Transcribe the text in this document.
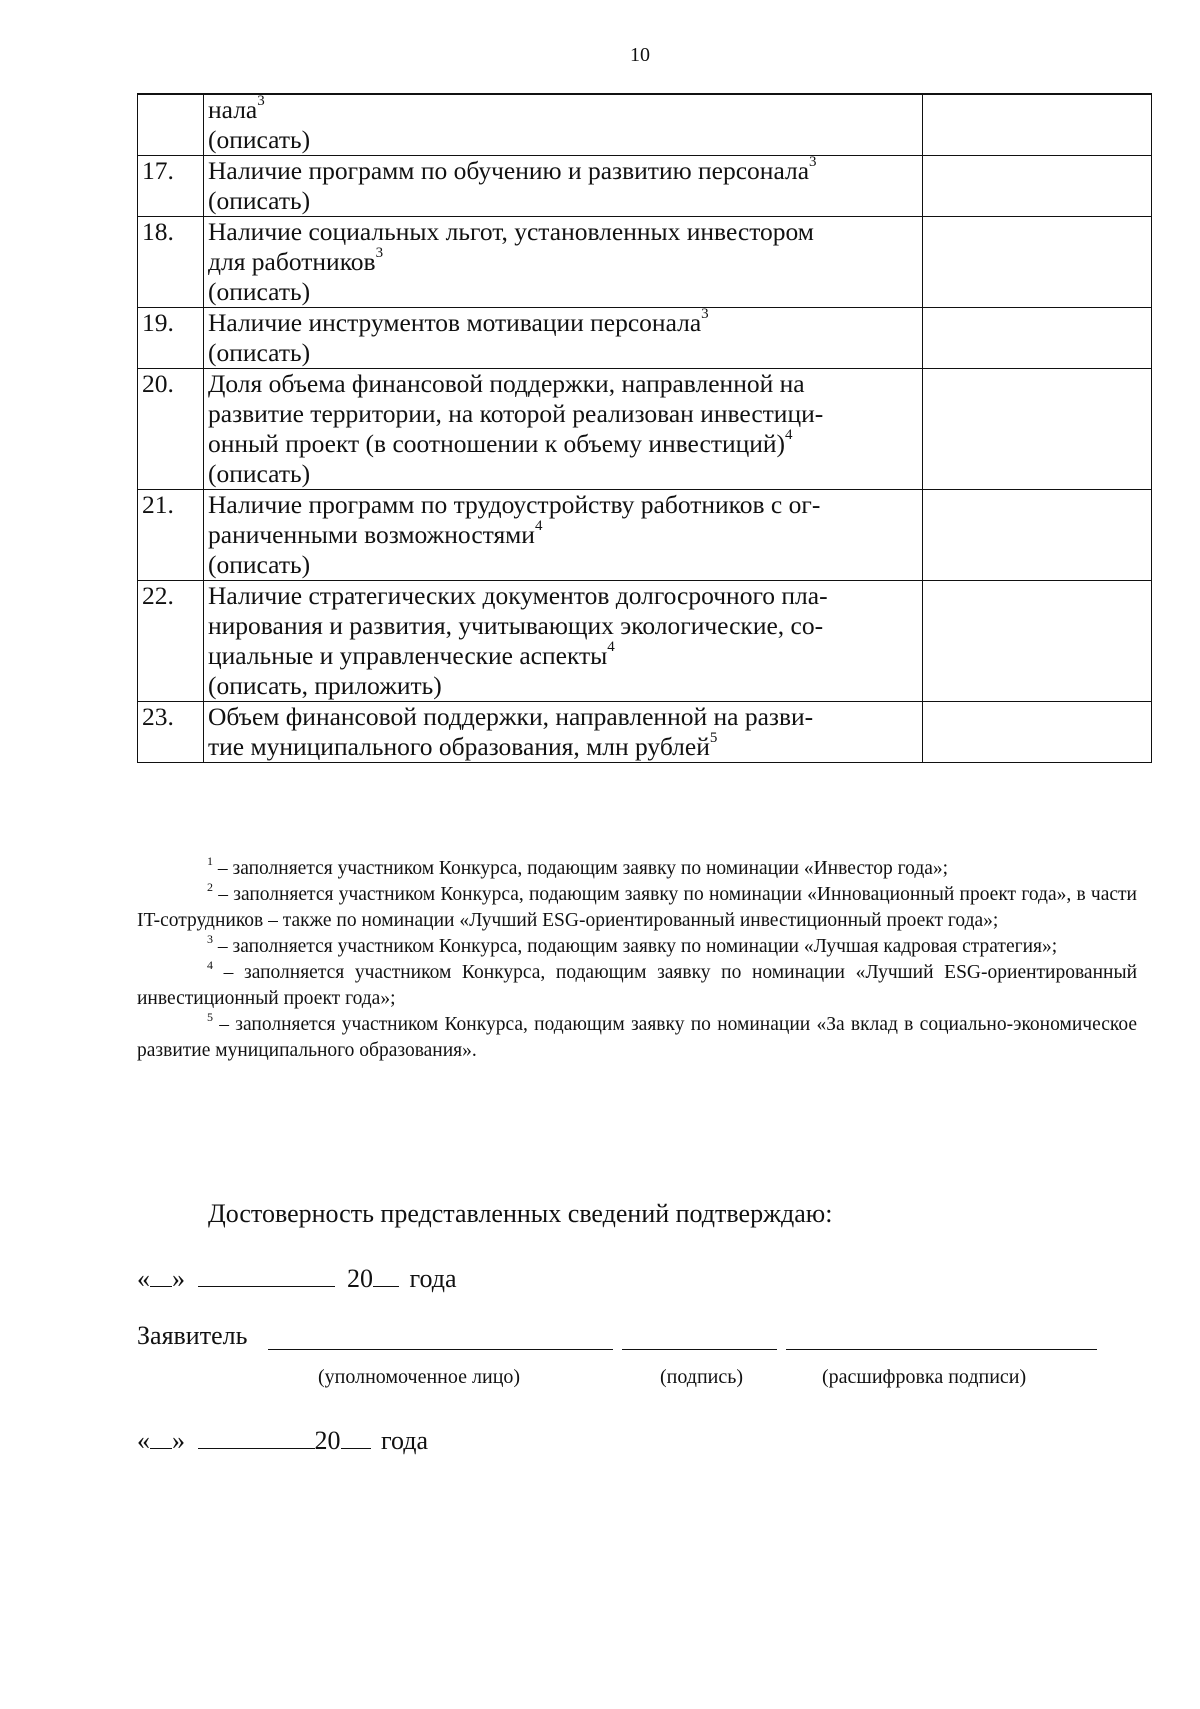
10

	нала$^3$
(описать)	

17.	Наличие программ по обучению и развитию персонала$^3$
(описать)	

18.	Наличие социальных льгот, установленных инвестором
для работников$^3$
(описать)	

19.	Наличие инструментов мотивации персонала$^3$
(описать)	

20.	Доля объема финансовой поддержки, направленной на
развитие территории, на которой реализован инвестици-
онный проект (в соотношении к объему инвестиций)$^4$
(описать)	

21.	Наличие программ по трудоустройству работников с ог-
раниченными возможностями$^4$
(описать)	

22.	Наличие стратегических документов долгосрочного пла-
нирования и развития, учитывающих экологические, со-
циальные и управленческие аспекты$^4$
(описать, приложить)	

23.	Объем финансовой поддержки, направленной на разви-
тие муниципального образования, млн рублей$^5$

$^1$ – заполняется участником Конкурса, подающим заявку по номинации «Инвестор года»;

$^2$ – заполняется участником Конкурса, подающим заявку по номинации «Инновационный проект года», в части IT-сотрудников – также по номинации «Лучший ESG-ориентированный инвестиционный проект года»;

$^3$ – заполняется участником Конкурса, подающим заявку по номинации «Лучшая кадровая стратегия»;

$^4$ – заполняется участником Конкурса, подающим заявку по номинации «Лучший ESG-ориентированный инвестиционный проект года»;

$^5$ – заполняется участником Конкурса, подающим заявку по номинации «За вклад в социально-экономическое развитие муниципального образования».

Достоверность представленных сведений подтверждаю:
« »	20 года
Заявитель
(уполномоченное лицо)	(подпись)	(расшифровка подписи)
« »	20 года
